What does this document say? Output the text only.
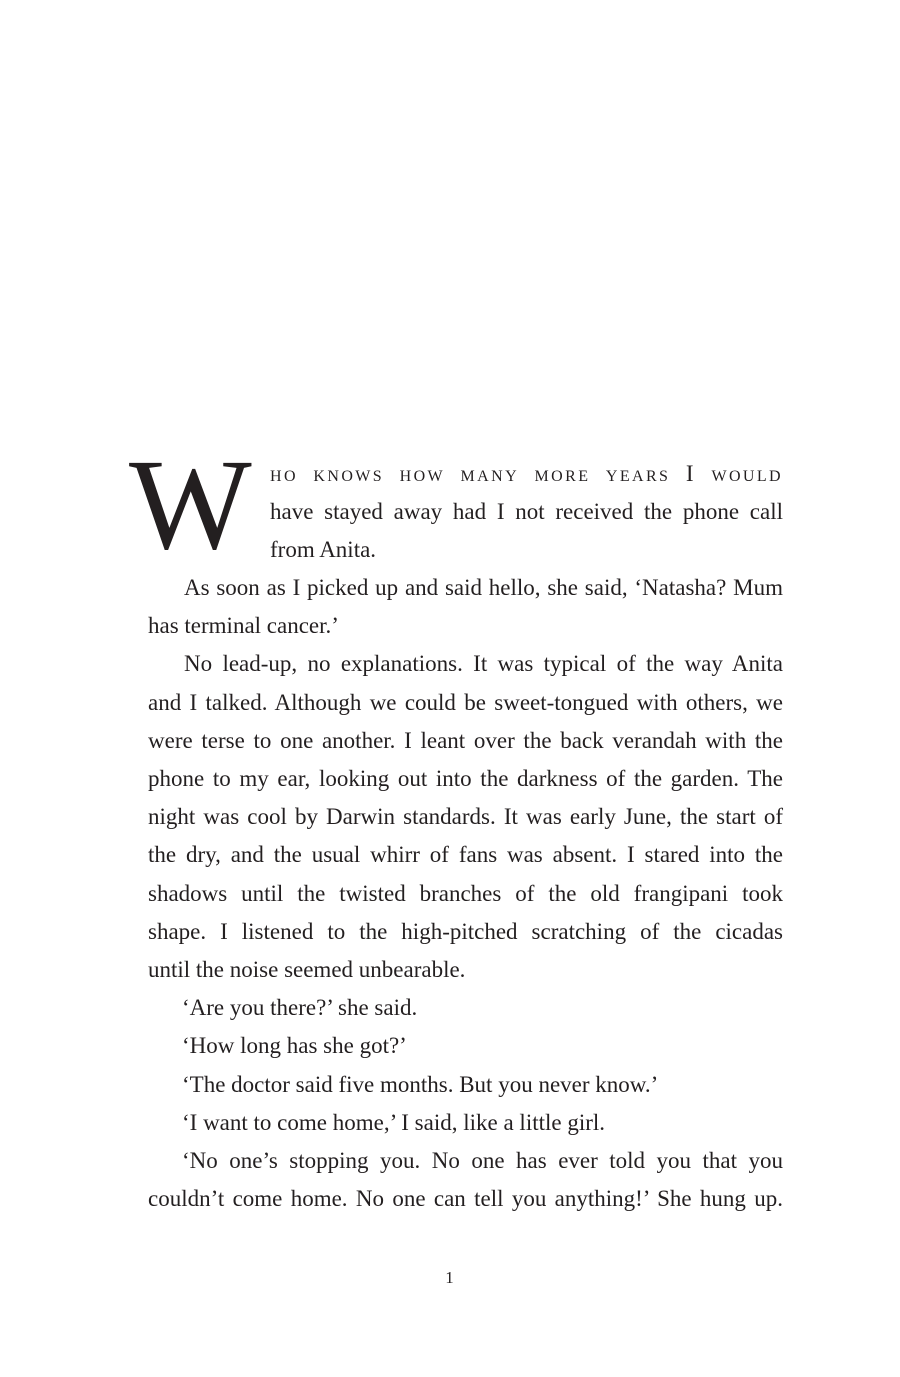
W ho knows how many more years I would
have stayed away had I not received the phone call
from Anita.
As soon as I picked up and said hello, she said, ‘Natasha? Mum
has terminal cancer.’
No lead-up, no explanations. It was typical of the way Anita
and I talked. Although we could be sweet-tongued with others, we
were terse to one another. I leant over the back verandah with the
phone to my ear, looking out into the darkness of the garden. The
night was cool by Darwin standards. It was early June, the start of
the dry, and the usual whirr of fans was absent. I stared into the
shadows until the twisted branches of the old frangipani took
shape. I listened to the high-pitched scratching of the cicadas
until the noise seemed unbearable.
‘Are you there?’ she said.
‘How long has she got?’
‘The doctor said five months. But you never know.’
‘I want to come home,’ I said, like a little girl.
‘No one’s stopping you. No one has ever told you that you
couldn’t come home. No one can tell you anything!’ She hung up.
1
